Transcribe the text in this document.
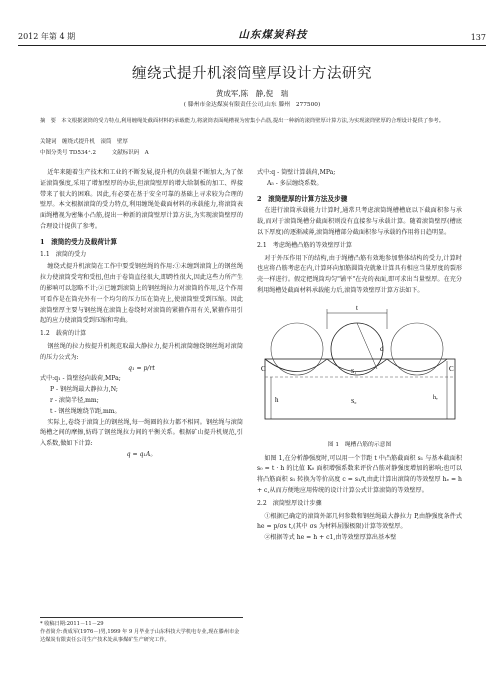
2012 年第 4 期	山东煤炭科技	137
缠绕式提升机滚筒壁厚设计方法研究
黄成军,陈　静,倪　瑞
( 滕州市金达煤炭有限责任公司,山东 滕州　277500)
摘　要　本文根据滚筒的受力特点,利用缠绳处截面材料的承载能力,将滚筒表面绳槽视为密集小凸筋,提出一种新的滚筒壁厚计算方法,为实现滚筒壁厚的合理设计提供了参考。
关键词　缠绕式提升机　滚筒　壁厚
中图分类号 TD534⁺.2	文献标识码　A

近年来随着生产技术和工业的不断发展,提升机的负载量不断加大,为了保证滚筒强度,采用了增加壁厚的办法,但滚筒壁厚的增大给制板的加工、焊接带来了很大的困难。因此,有必要在基于安全可靠的基础上寻求较为合理的壁厚。本文根据滚筒的受力特点,利用缠绳处截面材料的承载能力,将滚筒表面绳槽视为密集小凸筋,提出一种新的滚筒壁厚计算方法,为实现滚筒壁厚的合理设计提供了参考。

1　滚筒的受力及载荷计算
1.1　滚筒的受力

缠绕式提升机滚筒在工作中要受钢丝绳的作用:①未缠到滚筒上的钢丝绳拉力使滚筒受弯和受扭,但由于卷筒直径很大,即跨性很大,因此这些力所产生的影响可以忽略不计;②已缠到滚筒上的钢丝绳拉力对滚筒的作用,这个作用可看作是在筒壳外有一个均匀的压力压在筒壳上,使滚筒壁受到压缩。因此滚筒壁厚主要与钢丝绳在滚筒上卷绕时对滚筒的紧箍作用有关,紧箍作用引起的应力使滚筒受到压缩和弯曲。

1.2　载荷的计算

钢丝绳的拉力按提升机规范取最大静拉力,提升机滚筒缠绕钢丝绳对滚筒的压力公式为:

q₁ = p/rt
式中:q₁ - 筒壁径向载荷,MPa;
P - 钢丝绳最大静拉力,N;
r - 滚筒半径,mm;
t - 钢丝绳缠绕节距,mm。

实际上,卷绕于滚筒上的钢丝绳,每一绳圈的拉力都不相同。钢丝绳与滚筒绳槽之间的摩擦,妨碍了钢丝绳拉力间的平衡关系。根据矿山提升机规范,引入系数,做如下计算:

q = q₁A。
* 收稿日期:2011－11－29
作者简介:黄成军(1976－)男,1999 年 9 月毕业于山东科技大学机电专业,现在滕州市金达煤炭有限责任公司生产技术处从事煤矿生产研究工作。
式中:q - 筒壁计算载荷,MPa;
A₅ - 多层缠绕系数。
2　滚筒壁厚的计算方法及步骤

在进行滚筒承载能力计算时,通常只考虑滚筒绳槽槽底以下截面积参与承载,而对于滚筒绳槽分截面积则没有直接参与承载计算。随着滚筒壁厚(槽底以下厚度)的逐渐减薄,滚筒绳槽部分截面积参与承载的作用将日趋明显。

2.1　考虑绳槽凸筋的等效壁厚计算

对于外压作用下的结构,由于绳槽凸筋有效地参加整体结构的受力,计算时也应将凸筋考虑在内,计算环向加筋圆筒壳就象计算具有相应当量厚度的裂形壳一样进行。假定把绳筒均匀"铺平"在壳的表面,即可求出当量壁厚。在充分利用绳槽处截面材料承载能力后,滚筒等效壁厚计算方法如下。

t
d
C	C
h
S₁
S₀
hₑ
图 1　绳槽凸筋的示意图

如图 1,在分析静强度时,可以用一个节距 t 中凸筋截面积 s₁ 与基本截面积 s₀ = t · h 的比值 K₀ 面积增强系数来评价凸筋对静强度增加的影响;也可以将凸筋面积 s₁ 转换为等价高度 c = s₁/t,由此计算出滚筒的等效壁厚 hₑ = h + c,从而方便地应用传统的设计计算公式计算滚筒的等效壁厚。

2.2　滚筒壁厚设计步骤

①根据已确定的滚筒外部几何参数和钢丝绳最大静拉力 P,由静强度条件式 he = p/σs t,(其中 σs 为材料屈服极限)计算等效壁厚。

②根据等式 he = h + c1,由等效壁厚算出基本壁
